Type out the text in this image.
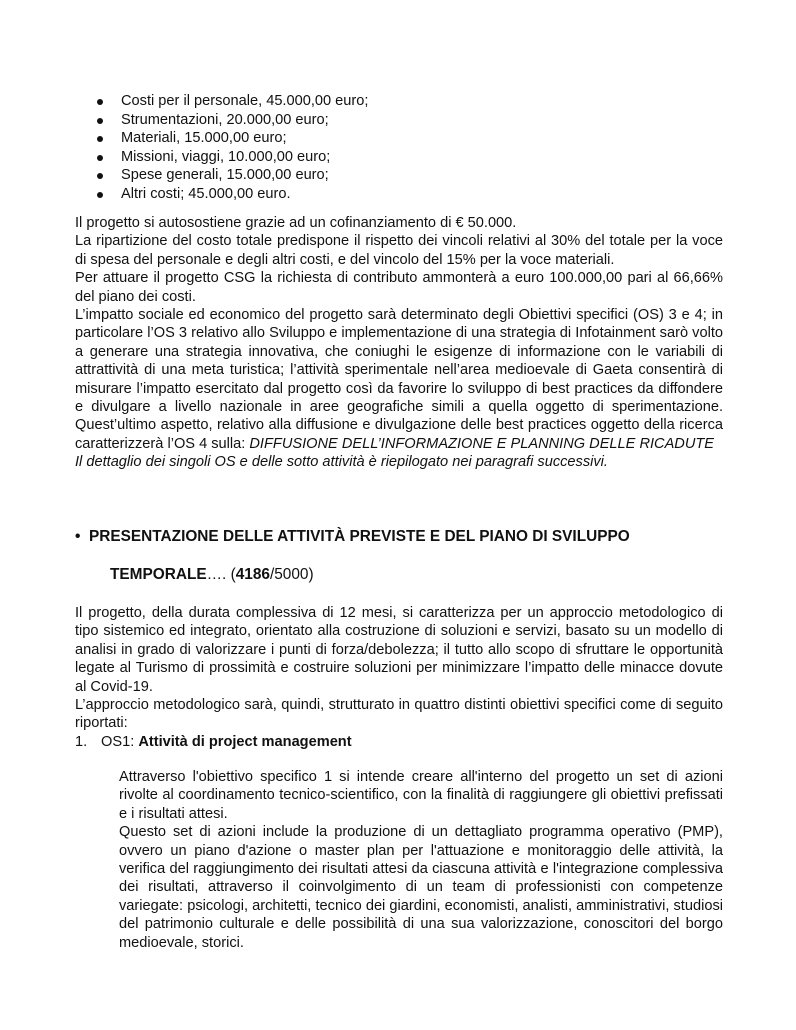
Costi per il personale, 45.000,00 euro;
Strumentazioni, 20.000,00 euro;
Materiali, 15.000,00 euro;
Missioni, viaggi, 10.000,00 euro;
Spese generali, 15.000,00 euro;
Altri costi; 45.000,00 euro.

Il progetto si autosostiene grazie ad un cofinanziamento di € 50.000.

La ripartizione del costo totale predispone il rispetto dei vincoli relativi al 30% del totale per la voce di spesa del personale e degli altri costi, e del vincolo del 15% per la voce materiali.

Per attuare il progetto CSG la richiesta di contributo ammonterà a euro 100.000,00 pari al 66,66% del piano dei costi.

L’impatto sociale ed economico del progetto sarà determinato degli Obiettivi specifici (OS) 3 e 4; in particolare l’OS 3 relativo allo Sviluppo e implementazione di una strategia di Infotainment sarò volto a generare una strategia innovativa, che coniughi le esigenze di informazione con le variabili di attrattività di una meta turistica; l’attività sperimentale nell’area medioevale di Gaeta consentirà di misurare l’impatto esercitato dal progetto così da favorire lo sviluppo di best practices da diffondere e divulgare a livello nazionale in aree geografiche simili a quella oggetto di sperimentazione. Quest’ultimo aspetto, relativo alla diffusione e divulgazione delle best practices oggetto della ricerca caratterizzerà l’OS 4 sulla: DIFFUSIONE DELL’INFORMAZIONE E PLANNING DELLE RICADUTE

Il dettaglio dei singoli OS e delle sotto attività è riepilogato nei paragrafi successivi.

• PRESENTAZIONE DELLE ATTIVITÀ PREVISTE E DEL PIANO DI SVILUPPO
TEMPORALE…. (4186/5000)

Il progetto, della durata complessiva di 12 mesi, si caratterizza per un approccio metodologico di tipo sistemico ed integrato, orientato alla costruzione di soluzioni e servizi, basato su un modello di analisi in grado di valorizzare i punti di forza/debolezza; il tutto allo scopo di sfruttare le opportunità legate al Turismo di prossimità e costruire soluzioni per minimizzare l’impatto delle minacce dovute al Covid-19.

L’approccio metodologico sarà, quindi, strutturato in quattro distinti obiettivi specifici come di seguito riportati:

1. OS1: Attività di project management

Attraverso l'obiettivo specifico 1 si intende creare all'interno del progetto un set di azioni rivolte al coordinamento tecnico-scientifico, con la finalità di raggiungere gli obiettivi prefissati e i risultati attesi.

Questo set di azioni include la produzione di un dettagliato programma operativo (PMP), ovvero un piano d'azione o master plan per l'attuazione e monitoraggio delle attività, la verifica del raggiungimento dei risultati attesi da ciascuna attività e l'integrazione complessiva dei risultati, attraverso il coinvolgimento di un team di professionisti con competenze variegate: psicologi, architetti, tecnico dei giardini, economisti, analisti, amministrativi, studiosi del patrimonio culturale e delle possibilità di una sua valorizzazione, conoscitori del borgo medioevale, storici.
